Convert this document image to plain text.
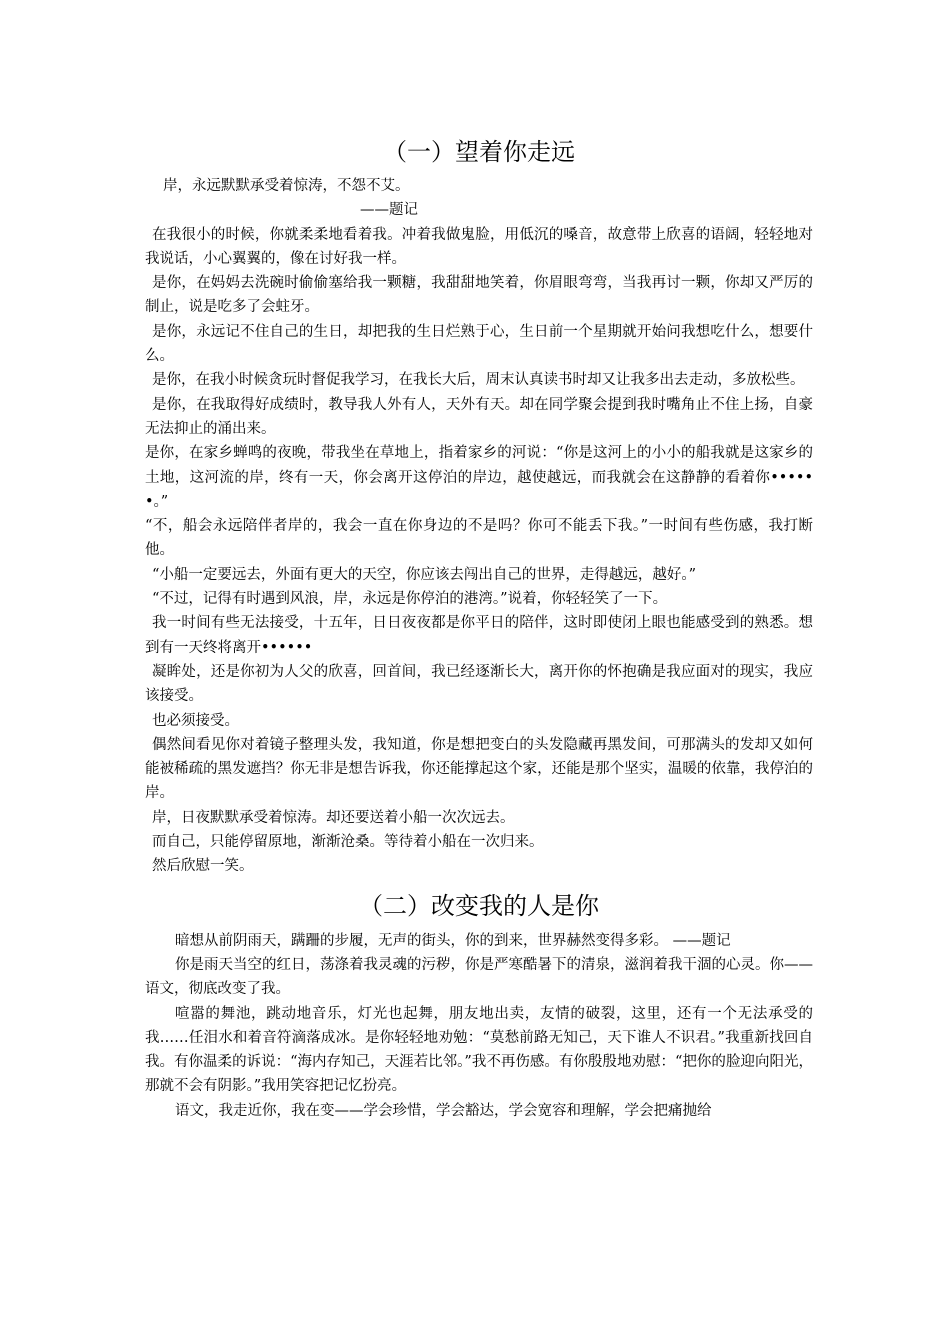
（一）望着你走远

岸，永远默默承受着惊涛，不怨不艾。

——题记

在我很小的时候，你就柔柔地看着我。冲着我做鬼脸，用低沉的嗓音，故意带上欣喜的语阔，轻轻地对我说话，小心翼翼的，像在讨好我一样。

是你，在妈妈去洗碗时偷偷塞给我一颗糖，我甜甜地笑着，你眉眼弯弯，当我再讨一颗，你却又严厉的制止，说是吃多了会蛀牙。

是你，永远记不住自己的生日，却把我的生日烂熟于心，生日前一个星期就开始问我想吃什么，想要什么。

是你，在我小时候贪玩时督促我学习，在我长大后，周末认真读书时却又让我多出去走动，多放松些。

是你，在我取得好成绩时，教导我人外有人，天外有天。却在同学聚会提到我时嘴角止不住上扬，自豪无法抑止的涌出来。

是你，在家乡蝉鸣的夜晚，带我坐在草地上，指着家乡的河说：“你是这河上的小小的船我就是这家乡的土地，这河流的岸，终有一天，你会离开这停泊的岸边，越使越远，而我就会在这静静的看着你••••••。”

“不，船会永远陪伴者岸的，我会一直在你身边的不是吗？你可不能丢下我。”一时间有些伤感，我打断他。

“小船一定要远去，外面有更大的天空，你应该去闯出自己的世界，走得越远，越好。”

“不过，记得有时遇到风浪，岸，永远是你停泊的港湾。”说着，你轻轻笑了一下。

我一时间有些无法接受，十五年，日日夜夜都是你平日的陪伴，这时即使闭上眼也能感受到的熟悉。想到有一天终将离开••••••

凝眸处，还是你初为人父的欣喜，回首间，我已经逐渐长大，离开你的怀抱确是我应面对的现实，我应该接受。

也必须接受。

偶然间看见你对着镜子整理头发，我知道，你是想把变白的头发隐藏再黑发间，可那满头的发却又如何能被稀疏的黑发遮挡？你无非是想告诉我，你还能撑起这个家，还能是那个坚实，温暖的依靠，我停泊的岸。

岸，日夜默默承受着惊涛。却还要送着小船一次次远去。

而自己，只能停留原地，渐渐沧桑。等待着小船在一次归来。

然后欣慰一笑。

（二）改变我的人是你

暗想从前阴雨天，蹒跚的步履，无声的街头，你的到来，世界赫然变得多彩。 ——题记

你是雨天当空的红日，荡涤着我灵魂的污秽，你是严寒酷暑下的清泉，滋润着我干涸的心灵。你——语文，彻底改变了我。

喧嚣的舞池，跳动地音乐，灯光也起舞，朋友地出卖，友情的破裂，这里，还有一个无法承受的我……任泪水和着音符滴落成冰。是你轻轻地劝勉：“莫愁前路无知己，天下谁人不识君。”我重新找回自我。有你温柔的诉说：“海内存知己，天涯若比邻。”我不再伤感。有你殷殷地劝慰：“把你的脸迎向阳光，那就不会有阴影。”我用笑容把记忆扮亮。

语文，我走近你，我在变——学会珍惜，学会豁达，学会宽容和理解，学会把痛抛给
